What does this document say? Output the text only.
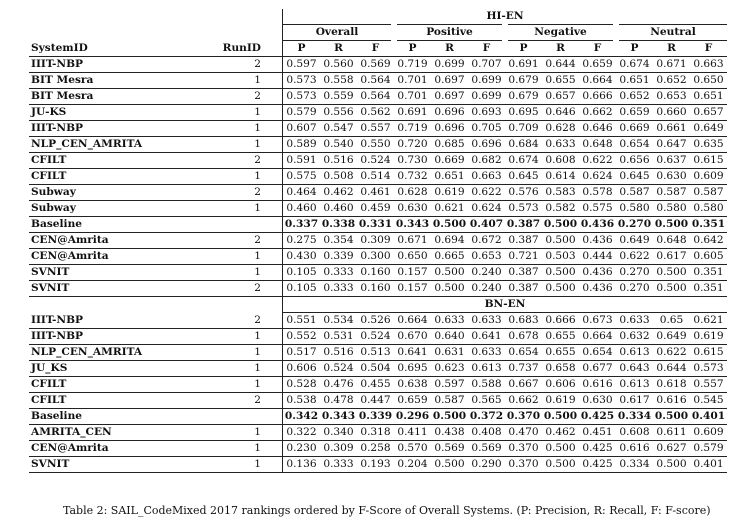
		HI-EN											
		Overall			Positive			Negative			Neutral		
SystemID	RunID	P	R	F	P	R	F	P	R	F	P	R	F
IIIT-NBP	2	0.597	0.560	0.569	0.719	0.699	0.707	0.691	0.644	0.659	0.674	0.671	0.663
BIT Mesra	1	0.573	0.558	0.564	0.701	0.697	0.699	0.679	0.655	0.664	0.651	0.652	0.650
BIT Mesra	2	0.573	0.559	0.564	0.701	0.697	0.699	0.679	0.657	0.666	0.652	0.653	0.651
JU-KS	1	0.579	0.556	0.562	0.691	0.696	0.693	0.695	0.646	0.662	0.659	0.660	0.657
IIIT-NBP	1	0.607	0.547	0.557	0.719	0.696	0.705	0.709	0.628	0.646	0.669	0.661	0.649
NLP_CEN_AMRITA	1	0.589	0.540	0.550	0.720	0.685	0.696	0.684	0.633	0.648	0.654	0.647	0.635
CFILT	2	0.591	0.516	0.524	0.730	0.669	0.682	0.674	0.608	0.622	0.656	0.637	0.615
CFILT	1	0.575	0.508	0.514	0.732	0.651	0.663	0.645	0.614	0.624	0.645	0.630	0.609
Subway	2	0.464	0.462	0.461	0.628	0.619	0.622	0.576	0.583	0.578	0.587	0.587	0.587
Subway	1	0.460	0.460	0.459	0.630	0.621	0.624	0.573	0.582	0.575	0.580	0.580	0.580
Baseline		0.337	0.338	0.331	0.343	0.500	0.407	0.387	0.500	0.436	0.270	0.500	0.351
CEN@Amrita	2	0.275	0.354	0.309	0.671	0.694	0.672	0.387	0.500	0.436	0.649	0.648	0.642
CEN@Amrita	1	0.430	0.339	0.300	0.650	0.665	0.653	0.721	0.503	0.444	0.622	0.617	0.605
SVNIT	1	0.105	0.333	0.160	0.157	0.500	0.240	0.387	0.500	0.436	0.270	0.500	0.351
SVNIT	2	0.105	0.333	0.160	0.157	0.500	0.240	0.387	0.500	0.436	0.270	0.500	0.351
		BN-EN											
IIIT-NBP	2	0.551	0.534	0.526	0.664	0.633	0.633	0.683	0.666	0.673	0.633	0.65	0.621
IIIT-NBP	1	0.552	0.531	0.524	0.670	0.640	0.641	0.678	0.655	0.664	0.632	0.649	0.619
NLP_CEN_AMRITA	1	0.517	0.516	0.513	0.641	0.631	0.633	0.654	0.655	0.654	0.613	0.622	0.615
JU_KS	1	0.606	0.524	0.504	0.695	0.623	0.613	0.737	0.658	0.677	0.643	0.644	0.573
CFILT	1	0.528	0.476	0.455	0.638	0.597	0.588	0.667	0.606	0.616	0.613	0.618	0.557
CFILT	2	0.538	0.478	0.447	0.659	0.587	0.565	0.662	0.619	0.630	0.617	0.616	0.545
Baseline		0.342	0.343	0.339	0.296	0.500	0.372	0.370	0.500	0.425	0.334	0.500	0.401
AMRITA_CEN	1	0.322	0.340	0.318	0.411	0.438	0.408	0.470	0.462	0.451	0.608	0.611	0.609
CEN@Amrita	1	0.230	0.309	0.258	0.570	0.569	0.569	0.370	0.500	0.425	0.616	0.627	0.579
SVNIT	1	0.136	0.333	0.193	0.204	0.500	0.290	0.370	0.500	0.425	0.334	0.500	0.401
Table 2: SAIL_CodeMixed 2017 rankings ordered by F-Score of Overall Systems. (P: Precision, R: Recall, F: F-score)
